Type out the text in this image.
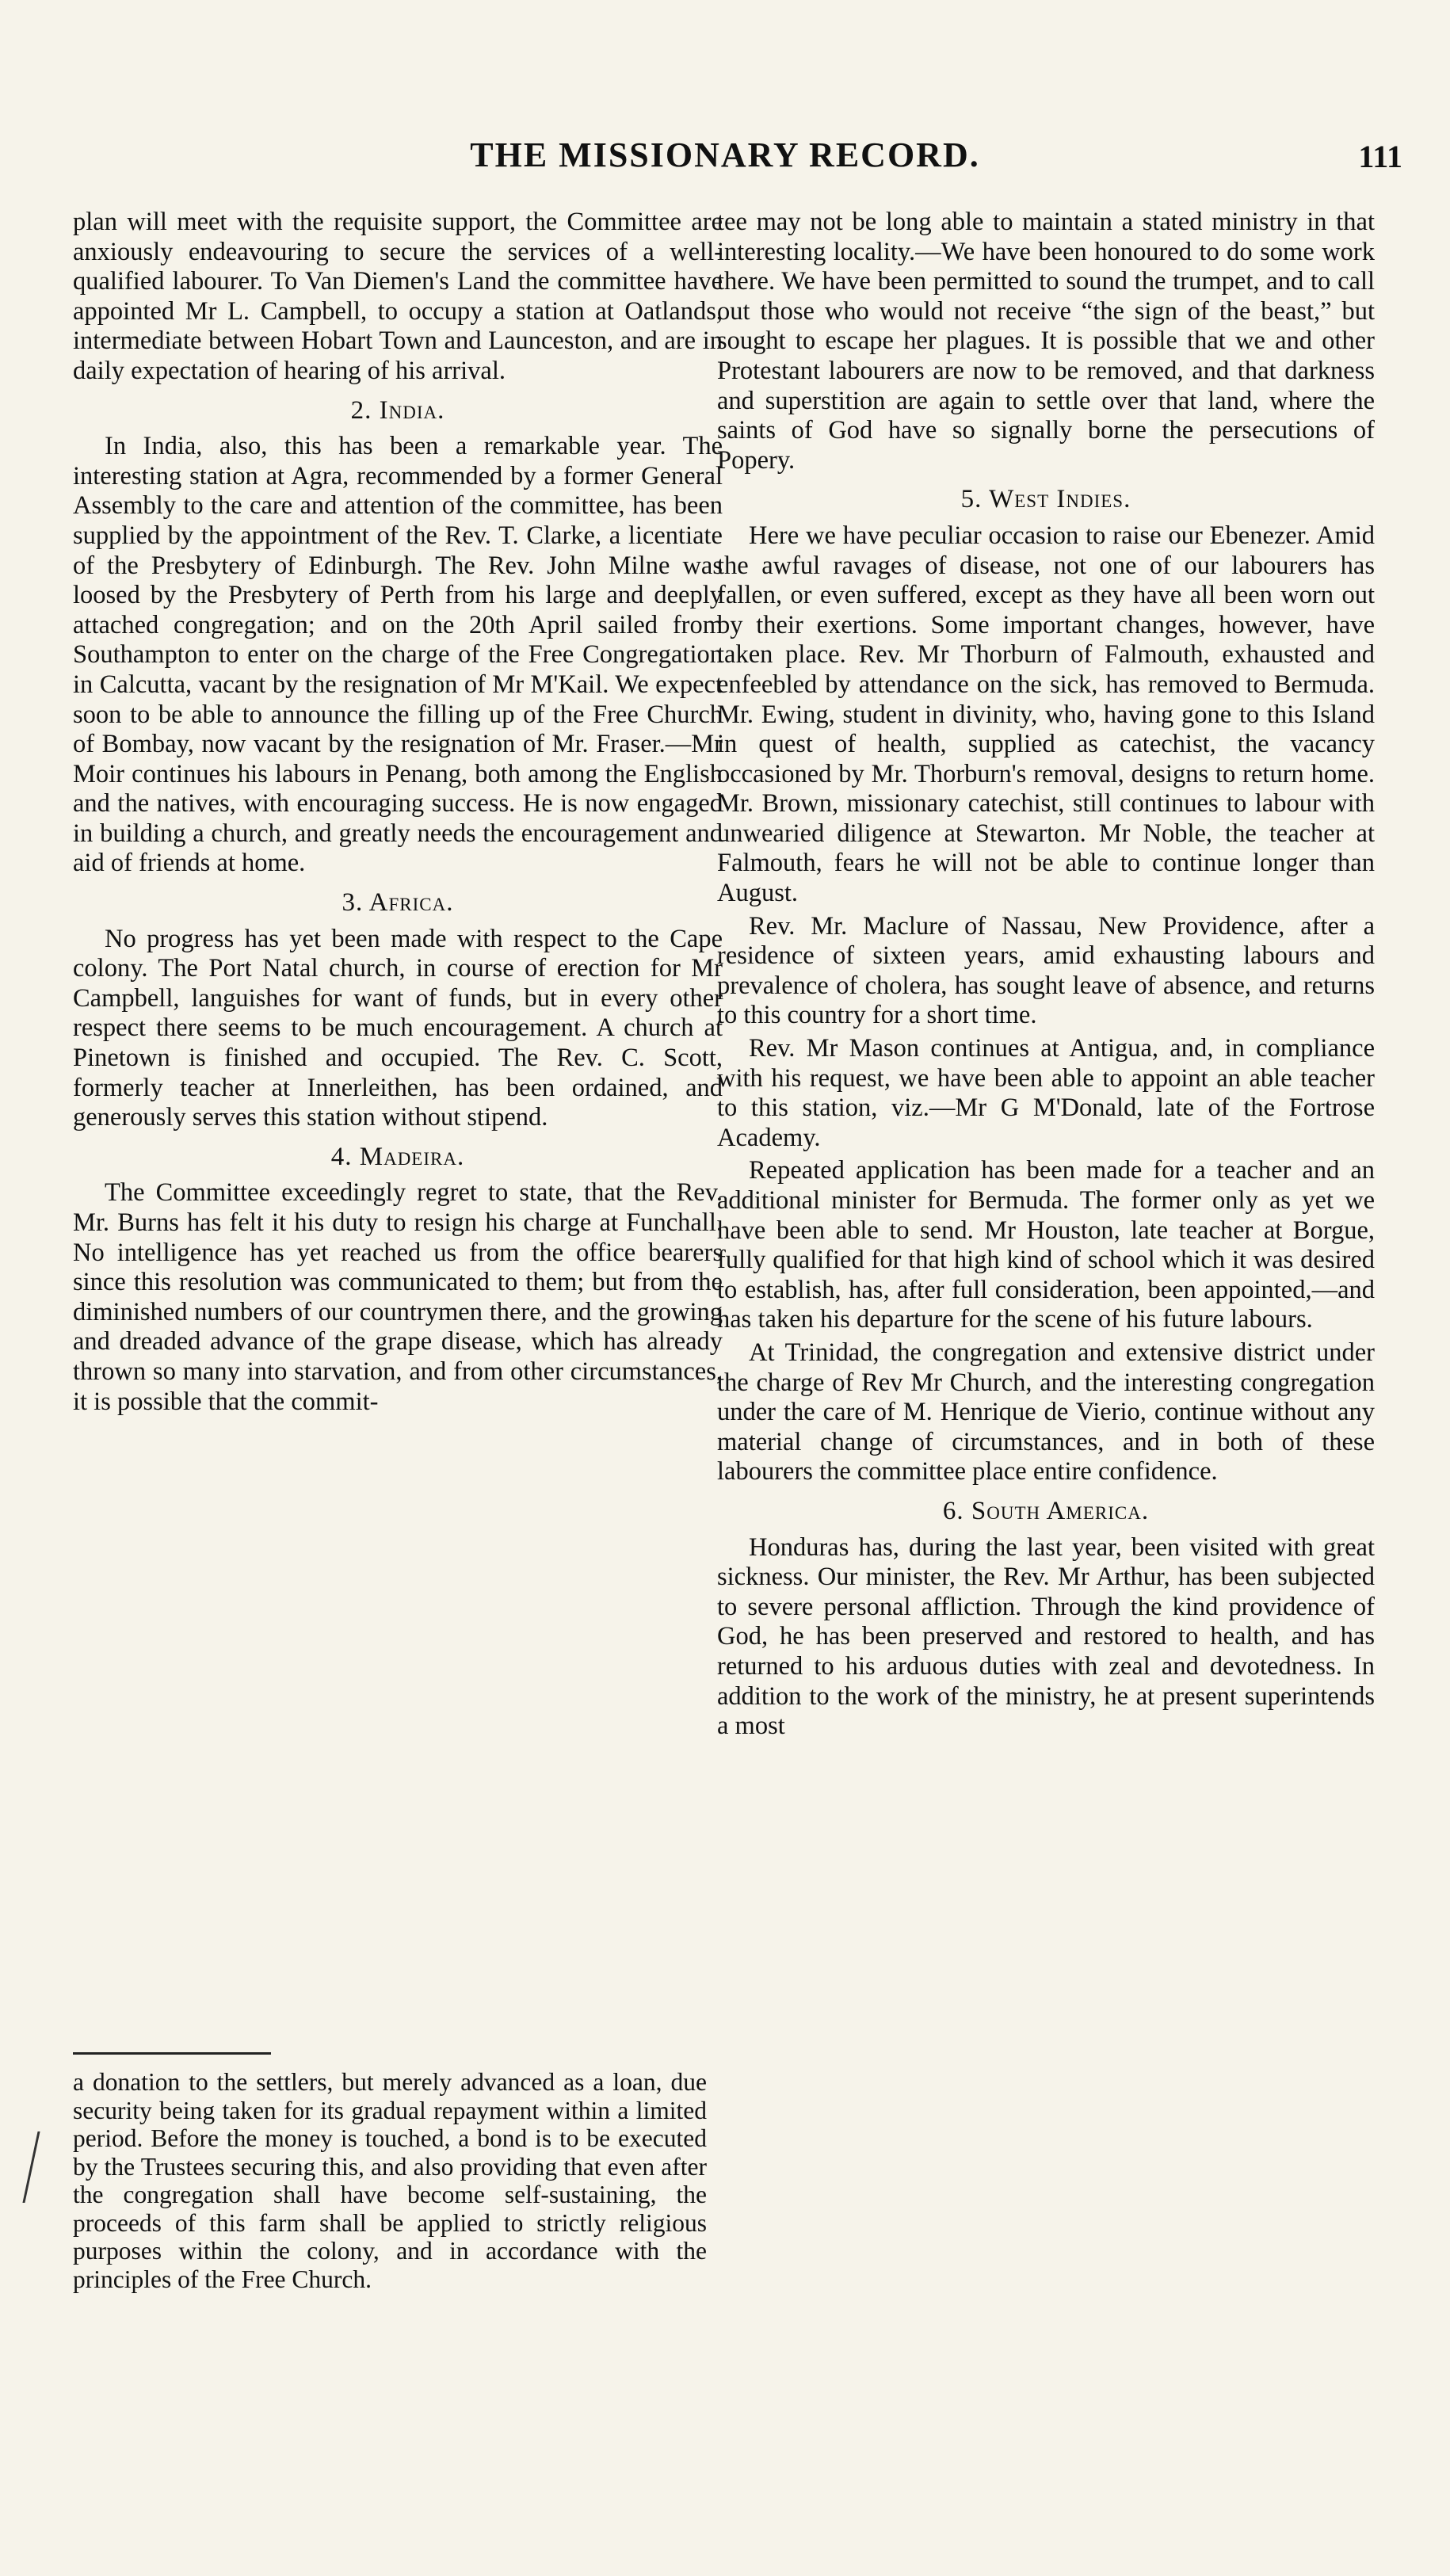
THE MISSIONARY RECORD.	111

plan will meet with the requisite support, the Committee are anxiously endeavouring to secure the services of a well-qualified labourer. To Van Diemen's Land the committee have appointed Mr L. Campbell, to occupy a station at Oatlands, intermediate between Hobart Town and Launceston, and are in daily expectation of hearing of his arrival.

2. India.

In India, also, this has been a remarkable year. The interesting station at Agra, recommended by a former General Assembly to the care and attention of the committee, has been supplied by the appointment of the Rev. T. Clarke, a licentiate of the Presbytery of Edinburgh. The Rev. John Milne was loosed by the Presbytery of Perth from his large and deeply attached congregation; and on the 20th April sailed from Southampton to enter on the charge of the Free Congregation in Calcutta, vacant by the resignation of Mr M'Kail. We expect soon to be able to announce the filling up of the Free Church of Bombay, now vacant by the resignation of Mr. Fraser.—Mr Moir continues his labours in Penang, both among the English and the natives, with encouraging success. He is now engaged in building a church, and greatly needs the encouragement and aid of friends at home.

3. Africa.

No progress has yet been made with respect to the Cape colony. The Port Natal church, in course of erection for Mr Campbell, languishes for want of funds, but in every other respect there seems to be much encouragement. A church at Pinetown is finished and occupied. The Rev. C. Scott, formerly teacher at Innerleithen, has been ordained, and generously serves this station without stipend.

4. Madeira.

The Committee exceedingly regret to state, that the Rev. Mr. Burns has felt it his duty to resign his charge at Funchall. No intelligence has yet reached us from the office bearers since this resolution was communicated to them; but from the diminished numbers of our countrymen there, and the growing and dreaded advance of the grape disease, which has already thrown so many into starvation, and from other circumstances, it is possible that the commit-

a donation to the settlers, but merely advanced as a loan, due security being taken for its gradual repayment within a limited period. Before the money is touched, a bond is to be executed by the Trustees securing this, and also providing that even after the congregation shall have become self-sustaining, the proceeds of this farm shall be applied to strictly religious purposes within the colony, and in accordance with the principles of the Free Church.

tee may not be long able to maintain a stated ministry in that interesting locality.—We have been honoured to do some work there. We have been permitted to sound the trumpet, and to call out those who would not receive “the sign of the beast,” but sought to escape her plagues. It is possible that we and other Protestant labourers are now to be removed, and that darkness and superstition are again to settle over that land, where the saints of God have so signally borne the persecutions of Popery.

5. West Indies.

Here we have peculiar occasion to raise our Ebenezer. Amid the awful ravages of disease, not one of our labourers has fallen, or even suffered, except as they have all been worn out by their exertions. Some important changes, however, have taken place. Rev. Mr Thorburn of Falmouth, exhausted and enfeebled by attendance on the sick, has removed to Bermuda. Mr. Ewing, student in divinity, who, having gone to this Island in quest of health, supplied as catechist, the vacancy occasioned by Mr. Thorburn's removal, designs to return home. Mr. Brown, missionary catechist, still continues to labour with unwearied diligence at Stewarton. Mr Noble, the teacher at Falmouth, fears he will not be able to continue longer than August.

Rev. Mr. Maclure of Nassau, New Providence, after a residence of sixteen years, amid exhausting labours and prevalence of cholera, has sought leave of absence, and returns to this country for a short time.

Rev. Mr Mason continues at Antigua, and, in compliance with his request, we have been able to appoint an able teacher to this station, viz.—Mr G M'Donald, late of the Fortrose Academy.

Repeated application has been made for a teacher and an additional minister for Bermuda. The former only as yet we have been able to send. Mr Houston, late teacher at Borgue, fully qualified for that high kind of school which it was desired to establish, has, after full consideration, been appointed,—and has taken his departure for the scene of his future labours.

At Trinidad, the congregation and extensive district under the charge of Rev Mr Church, and the interesting congregation under the care of M. Henrique de Vierio, continue without any material change of circumstances, and in both of these labourers the committee place entire confidence.

6. South America.

Honduras has, during the last year, been visited with great sickness. Our minister, the Rev. Mr Arthur, has been subjected to severe personal affliction. Through the kind providence of God, he has been preserved and restored to health, and has returned to his arduous duties with zeal and devotedness. In addition to the work of the ministry, he at present superintends a most
